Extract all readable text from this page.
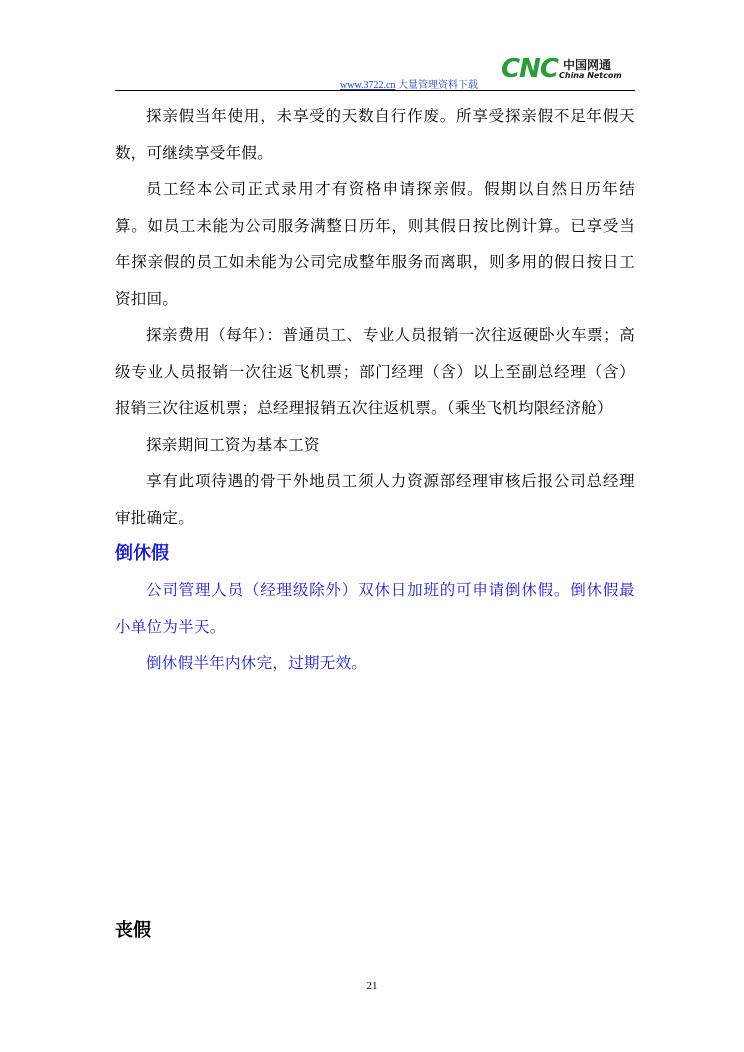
www.3722.cn 大量管理资料下载
CNC 中国网通
China Netcom

探亲假当年使用，未享受的天数自行作废。所享受探亲假不足年假天数，可继续享受年假。

员工经本公司正式录用才有资格申请探亲假。假期以自然日历年结算。如员工未能为公司服务满整日历年，则其假日按比例计算。已享受当年探亲假的员工如未能为公司完成整年服务而离职，则多用的假日按日工资扣回。

探亲费用（每年）：普通员工、专业人员报销一次往返硬卧火车票；高级专业人员报销一次往返飞机票；部门经理（含）以上至副总经理（含）报销三次往返机票；总经理报销五次往返机票。（乘坐飞机均限经济舱）

探亲期间工资为基本工资

享有此项待遇的骨干外地员工须人力资源部经理审核后报公司总经理审批确定。

倒休假

公司管理人员（经理级除外）双休日加班的可申请倒休假。倒休假最小单位为半天。

倒休假半年内休完，过期无效。

丧假
21
